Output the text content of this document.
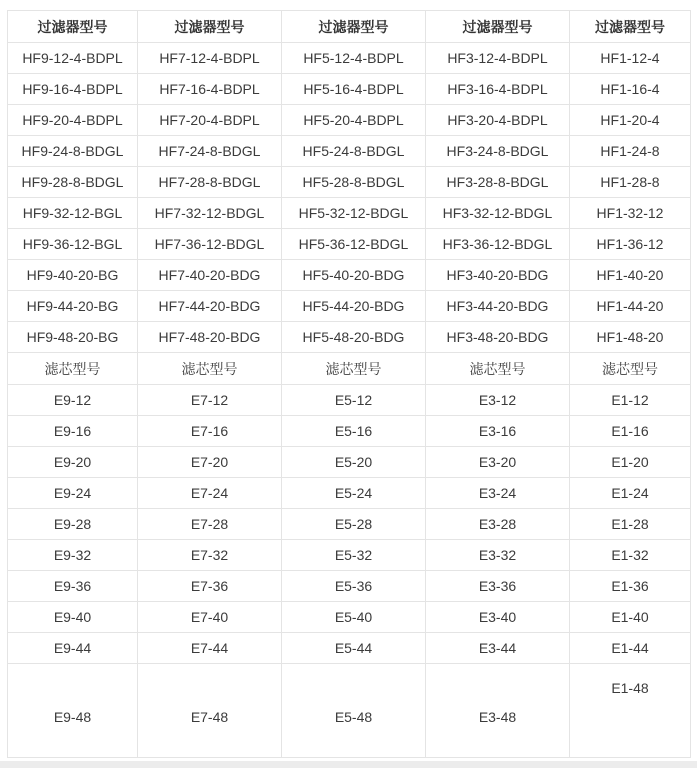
过滤器型号	过滤器型号	过滤器型号	过滤器型号	过滤器型号
HF9-12-4-BDPL	HF7-12-4-BDPL	HF5-12-4-BDPL	HF3-12-4-BDPL	HF1-12-4
HF9-16-4-BDPL	HF7-16-4-BDPL	HF5-16-4-BDPL	HF3-16-4-BDPL	HF1-16-4
HF9-20-4-BDPL	HF7-20-4-BDPL	HF5-20-4-BDPL	HF3-20-4-BDPL	HF1-20-4
HF9-24-8-BDGL	HF7-24-8-BDGL	HF5-24-8-BDGL	HF3-24-8-BDGL	HF1-24-8
HF9-28-8-BDGL	HF7-28-8-BDGL	HF5-28-8-BDGL	HF3-28-8-BDGL	HF1-28-8
HF9-32-12-BGL	HF7-32-12-BDGL	HF5-32-12-BDGL	HF3-32-12-BDGL	HF1-32-12
HF9-36-12-BGL	HF7-36-12-BDGL	HF5-36-12-BDGL	HF3-36-12-BDGL	HF1-36-12
HF9-40-20-BG	HF7-40-20-BDG	HF5-40-20-BDG	HF3-40-20-BDG	HF1-40-20
HF9-44-20-BG	HF7-44-20-BDG	HF5-44-20-BDG	HF3-44-20-BDG	HF1-44-20
HF9-48-20-BG	HF7-48-20-BDG	HF5-48-20-BDG	HF3-48-20-BDG	HF1-48-20
滤芯型号	滤芯型号	滤芯型号	滤芯型号	滤芯型号
E9-12	E7-12	E5-12	E3-12	E1-12
E9-16	E7-16	E5-16	E3-16	E1-16
E9-20	E7-20	E5-20	E3-20	E1-20
E9-24	E7-24	E5-24	E3-24	E1-24
E9-28	E7-28	E5-28	E3-28	E1-28
E9-32	E7-32	E5-32	E3-32	E1-32
E9-36	E7-36	E5-36	E3-36	E1-36
E9-40	E7-40	E5-40	E3-40	E1-40
E9-44	E7-44	E5-44	E3-44	E1-44
E9-48	E7-48	E5-48	E3-48	E1-48
